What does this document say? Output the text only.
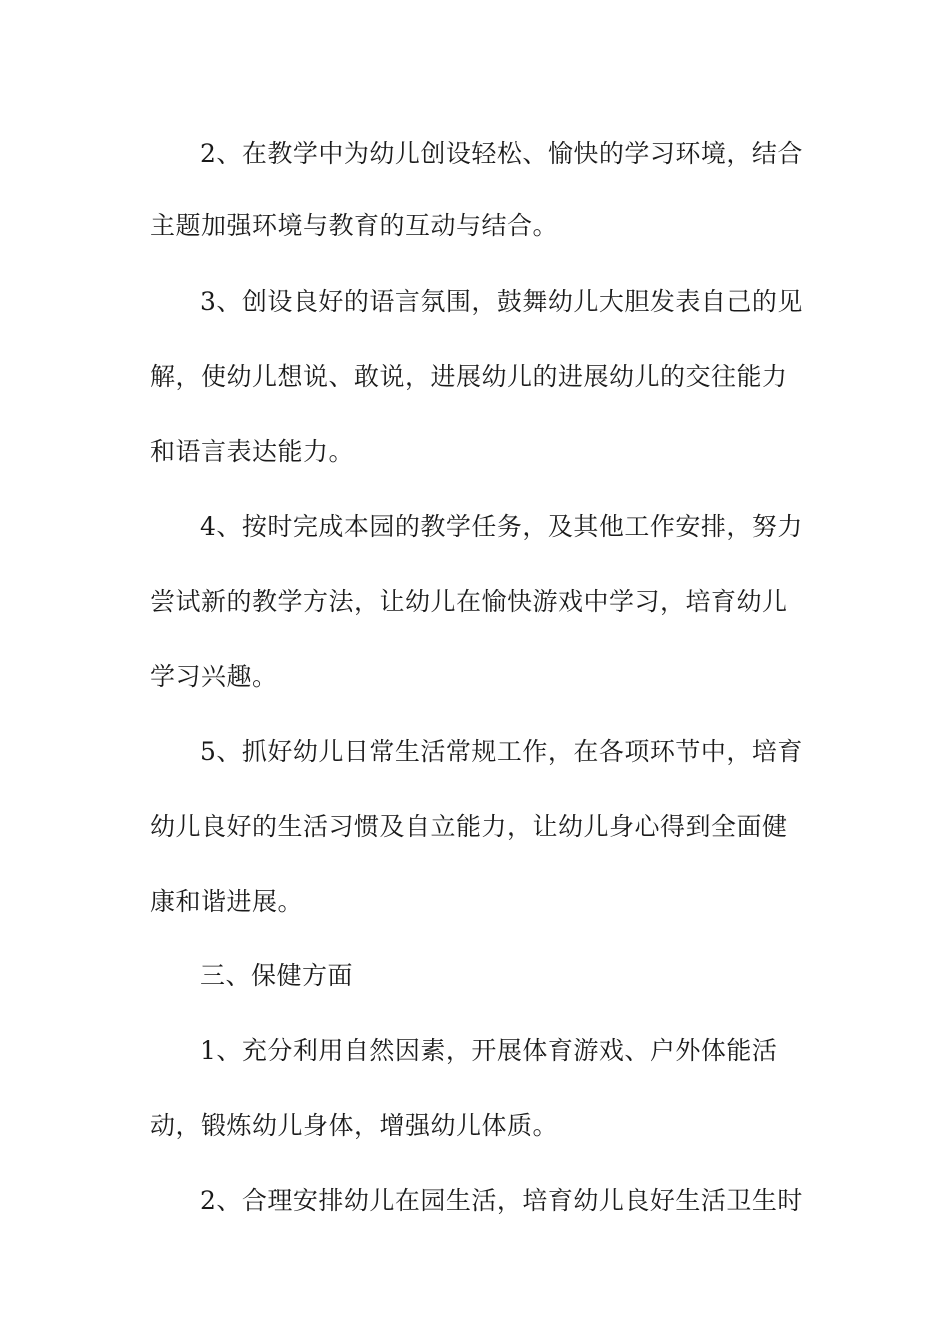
2、在教学中为幼儿创设轻松、愉快的学习环境，结合
主题加强环境与教育的互动与结合。
3、创设良好的语言氛围，鼓舞幼儿大胆发表自己的见
解，使幼儿想说、敢说，进展幼儿的进展幼儿的交往能力
和语言表达能力。
4、按时完成本园的教学任务，及其他工作安排，努力
尝试新的教学方法，让幼儿在愉快游戏中学习，培育幼儿
学习兴趣。
5、抓好幼儿日常生活常规工作，在各项环节中，培育
幼儿良好的生活习惯及自立能力，让幼儿身心得到全面健
康和谐进展。
三、保健方面
1、充分利用自然因素，开展体育游戏、户外体能活
动，锻炼幼儿身体，增强幼儿体质。
2、合理安排幼儿在园生活，培育幼儿良好生活卫生时
